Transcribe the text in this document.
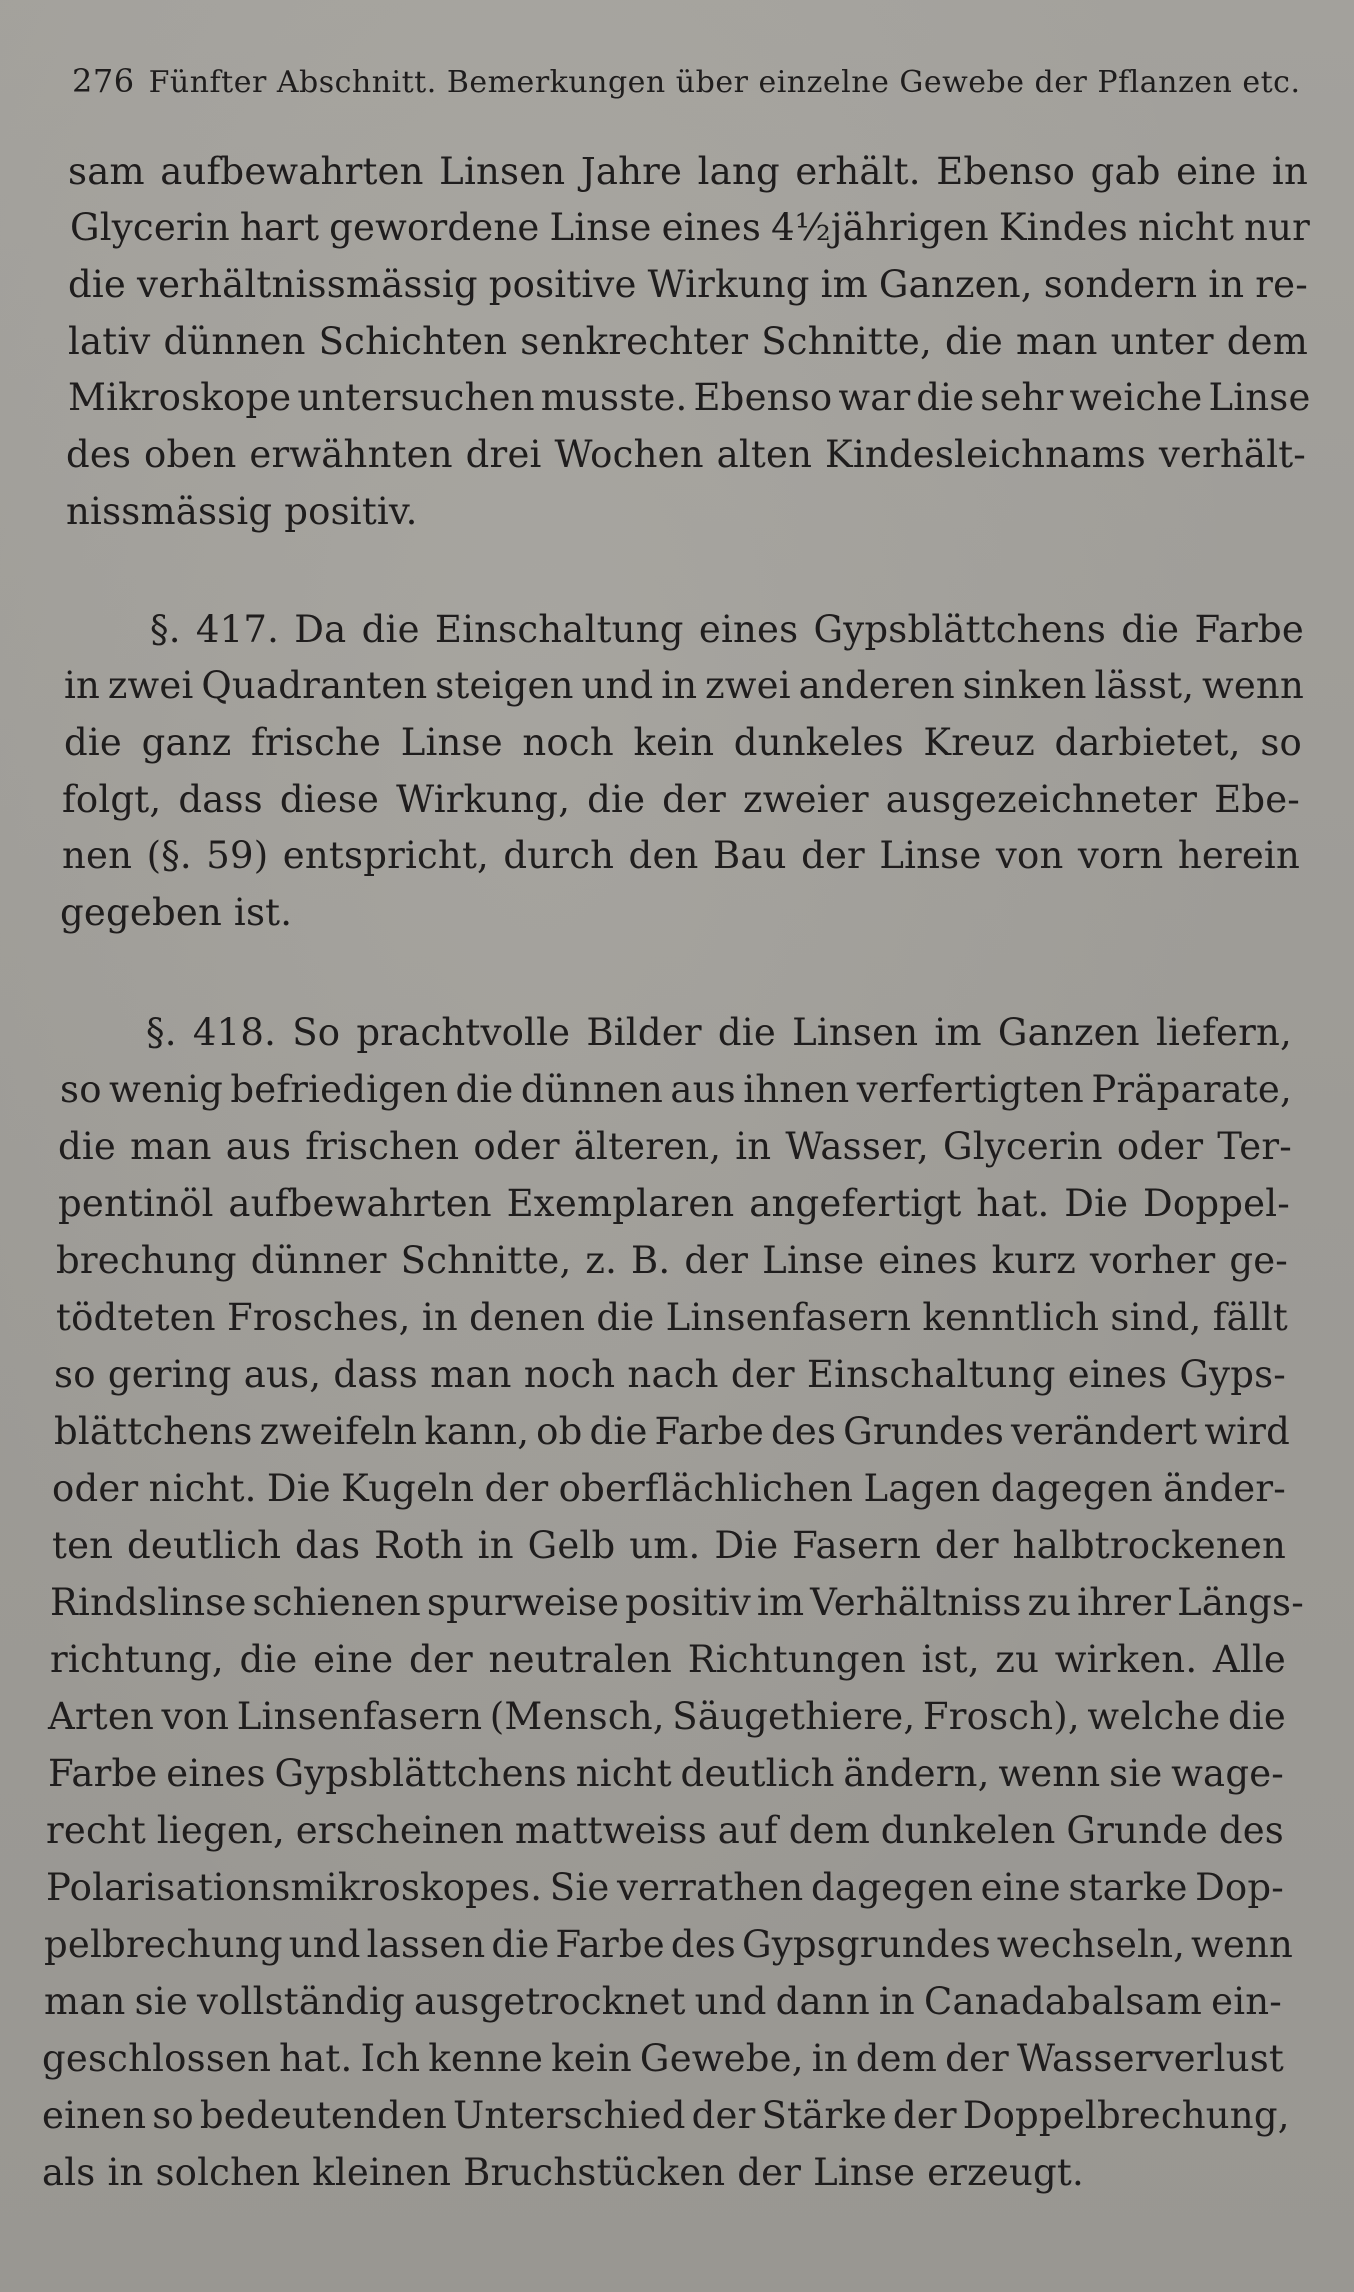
276 Fünfter Abschnitt. Bemerkungen über einzelne Gewebe der Pflanzen etc.
sam aufbewahrten Linsen Jahre lang erhält. Ebenso gab eine in
Glycerin hart gewordene Linse eines 4½jährigen Kindes nicht nur
die verhältnissmässig positive Wirkung im Ganzen, sondern in re-
lativ dünnen Schichten senkrechter Schnitte, die man unter dem
Mikroskope untersuchen musste. Ebenso war die sehr weiche Linse
des oben erwähnten drei Wochen alten Kindesleichnams verhält-
nissmässig positiv.
§. 417. Da die Einschaltung eines Gypsblättchens die Farbe
in zwei Quadranten steigen und in zwei anderen sinken lässt, wenn
die ganz frische Linse noch kein dunkeles Kreuz darbietet, so
folgt, dass diese Wirkung, die der zweier ausgezeichneter Ebe-
nen (§. 59) entspricht, durch den Bau der Linse von vorn herein
gegeben ist.
§. 418. So prachtvolle Bilder die Linsen im Ganzen liefern,
so wenig befriedigen die dünnen aus ihnen verfertigten Präparate,
die man aus frischen oder älteren, in Wasser, Glycerin oder Ter-
pentinöl aufbewahrten Exemplaren angefertigt hat. Die Doppel-
brechung dünner Schnitte, z. B. der Linse eines kurz vorher ge-
tödteten Frosches, in denen die Linsenfasern kenntlich sind, fällt
so gering aus, dass man noch nach der Einschaltung eines Gyps-
blättchens zweifeln kann, ob die Farbe des Grundes verändert wird
oder nicht. Die Kugeln der oberflächlichen Lagen dagegen änder-
ten deutlich das Roth in Gelb um. Die Fasern der halbtrockenen
Rindslinse schienen spurweise positiv im Verhältniss zu ihrer Längs-
richtung, die eine der neutralen Richtungen ist, zu wirken. Alle
Arten von Linsenfasern (Mensch, Säugethiere, Frosch), welche die
Farbe eines Gypsblättchens nicht deutlich ändern, wenn sie wage-
recht liegen, erscheinen mattweiss auf dem dunkelen Grunde des
Polarisationsmikroskopes. Sie verrathen dagegen eine starke Dop-
pelbrechung und lassen die Farbe des Gypsgrundes wechseln, wenn
man sie vollständig ausgetrocknet und dann in Canadabalsam ein-
geschlossen hat. Ich kenne kein Gewebe, in dem der Wasserverlust
einen so bedeutenden Unterschied der Stärke der Doppelbrechung,
als in solchen kleinen Bruchstücken der Linse erzeugt.
